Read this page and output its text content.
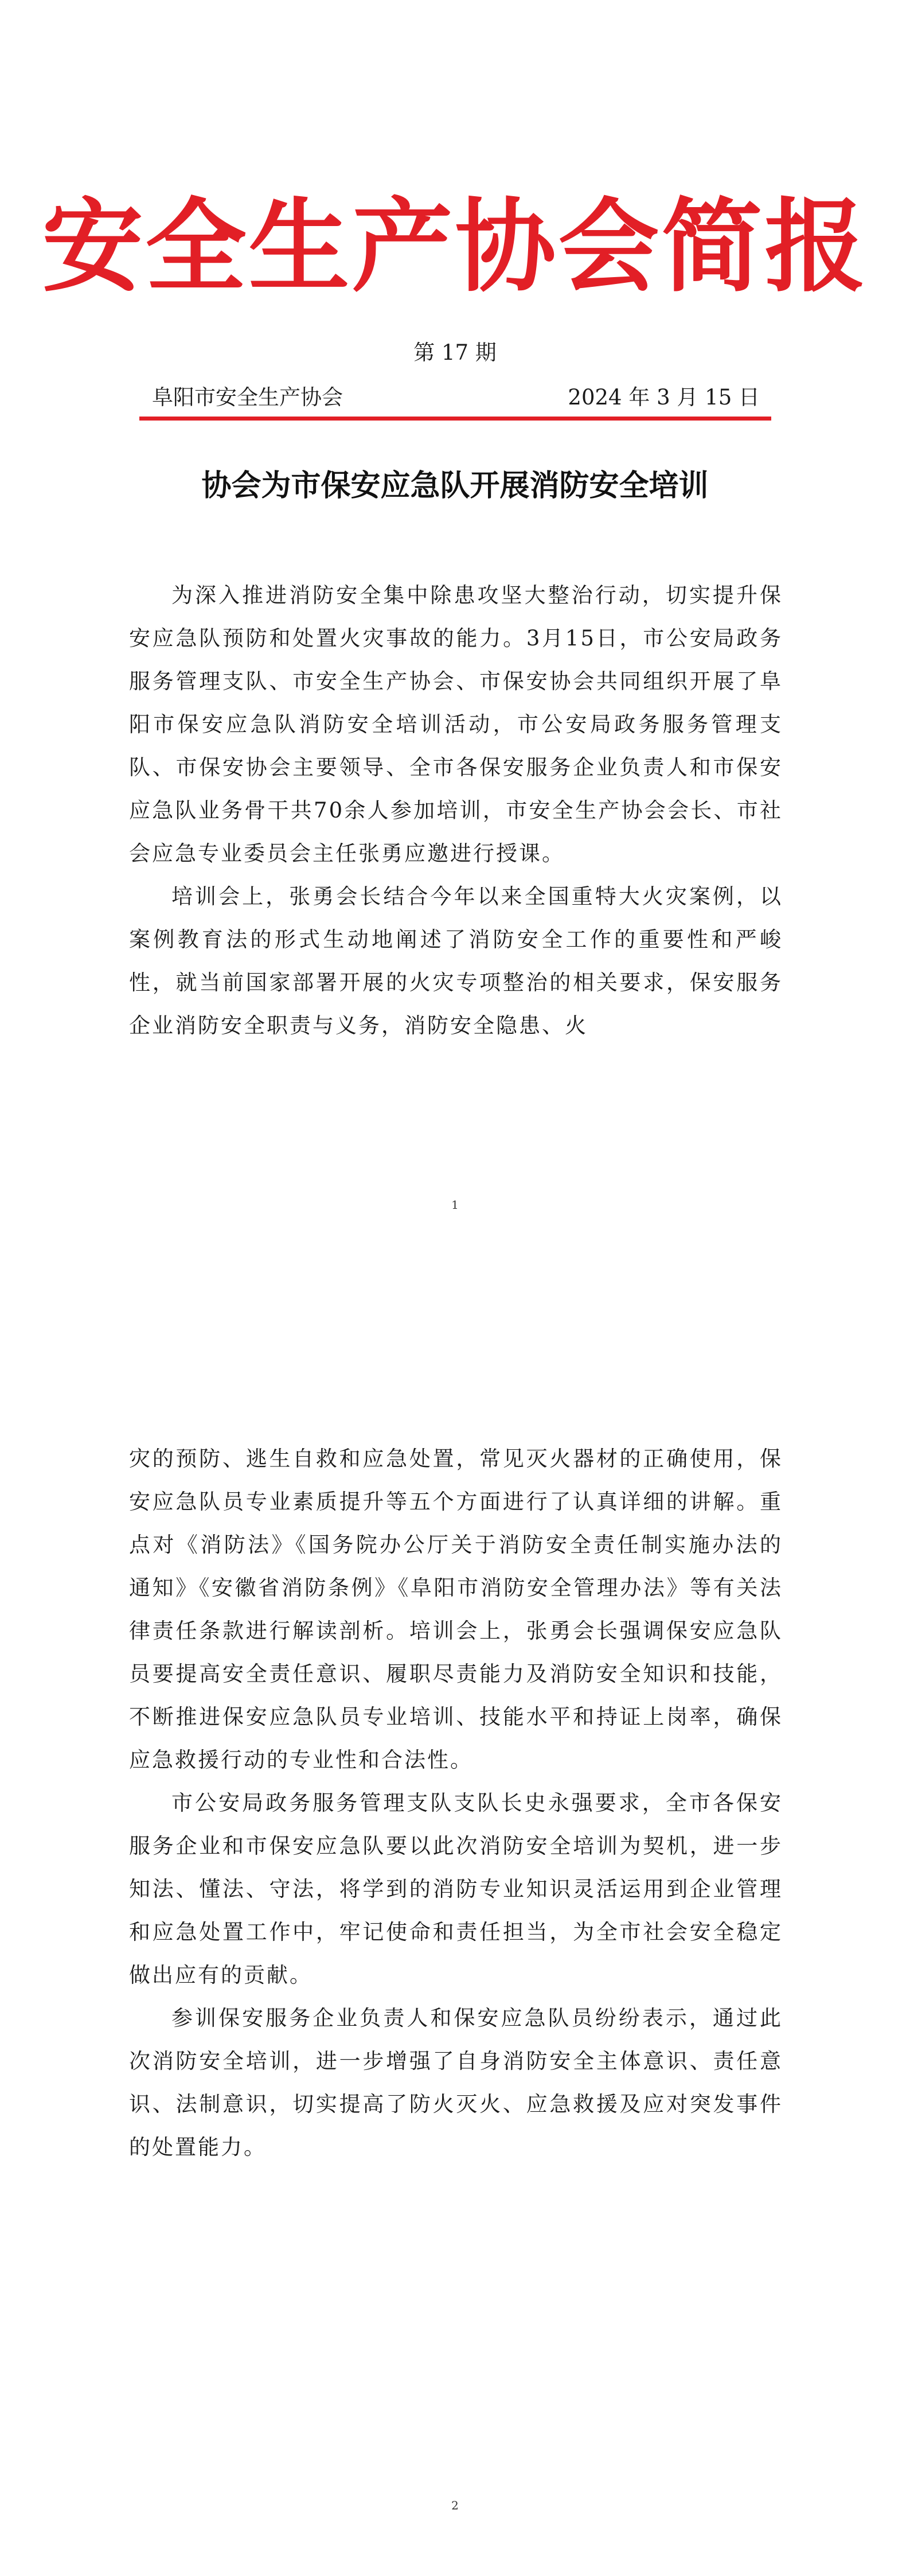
安全生产协会简报
第 17 期
阜阳市安全生产协会	2024 年 3 月 15 日
协会为市保安应急队开展消防安全培训

为深入推进消防安全集中除患攻坚大整治行动，切实提升保安应急队预防和处置火灾事故的能力。3月15日，市公安局政务服务管理支队、市安全生产协会、市保安协会共同组织开展了阜阳市保安应急队消防安全培训活动，市公安局政务服务管理支队、市保安协会主要领导、全市各保安服务企业负责人和市保安应急队业务骨干共70余人参加培训，市安全生产协会会长、市社会应急专业委员会主任张勇应邀进行授课。

培训会上，张勇会长结合今年以来全国重特大火灾案例，以案例教育法的形式生动地阐述了消防安全工作的重要性和严峻性，就当前国家部署开展的火灾专项整治的相关要求，保安服务企业消防安全职责与义务，消防安全隐患、火

1

灾的预防、逃生自救和应急处置，常见灭火器材的正确使用，保安应急队员专业素质提升等五个方面进行了认真详细的讲解。重点对《消防法》《国务院办公厅关于消防安全责任制实施办法的通知》《安徽省消防条例》《阜阳市消防安全管理办法》等有关法律责任条款进行解读剖析。培训会上，张勇会长强调保安应急队员要提高安全责任意识、履职尽责能力及消防安全知识和技能，不断推进保安应急队员专业培训、技能水平和持证上岗率，确保应急救援行动的专业性和合法性。

市公安局政务服务管理支队支队长史永强要求，全市各保安服务企业和市保安应急队要以此次消防安全培训为契机，进一步知法、懂法、守法，将学到的消防专业知识灵活运用到企业管理和应急处置工作中，牢记使命和责任担当，为全市社会安全稳定做出应有的贡献。

参训保安服务企业负责人和保安应急队员纷纷表示，通过此次消防安全培训，进一步增强了自身消防安全主体意识、责任意识、法制意识，切实提高了防火灭火、应急救援及应对突发事件的处置能力。

2
